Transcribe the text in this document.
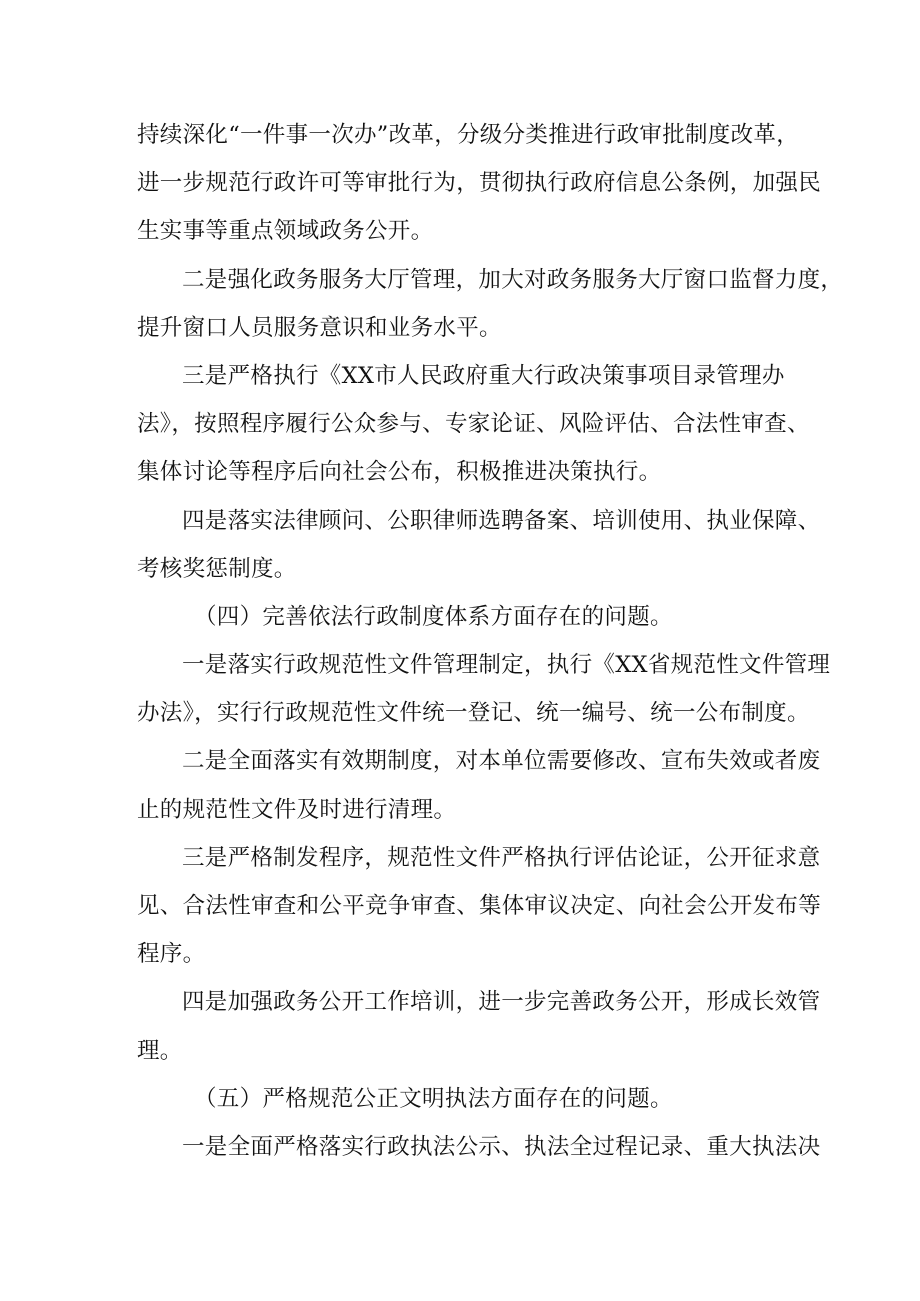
持续深化“一件事一次办”改革，分级分类推进行政审批制度改革，
进一步规范行政许可等审批行为，贯彻执行政府信息公条例，加强民
生实事等重点领域政务公开。
二是强化政务服务大厅管理，加大对政务服务大厅窗口监督力度，
提升窗口人员服务意识和业务水平。
三是严格执行《XX市人民政府重大行政决策事项目录管理办
法》，按照程序履行公众参与、专家论证、风险评估、合法性审查、
集体讨论等程序后向社会公布，积极推进决策执行。
四是落实法律顾问、公职律师选聘备案、培训使用、执业保障、
考核奖惩制度。
（四）完善依法行政制度体系方面存在的问题。
一是落实行政规范性文件管理制定，执行《XX省规范性文件管理
办法》，实行行政规范性文件统一登记、统一编号、统一公布制度。
二是全面落实有效期制度，对本单位需要修改、宣布失效或者废
止的规范性文件及时进行清理。
三是严格制发程序，规范性文件严格执行评估论证，公开征求意
见、合法性审查和公平竞争审查、集体审议决定、向社会公开发布等
程序。
四是加强政务公开工作培训，进一步完善政务公开，形成长效管
理。
（五）严格规范公正文明执法方面存在的问题。
一是全面严格落实行政执法公示、执法全过程记录、重大执法决
